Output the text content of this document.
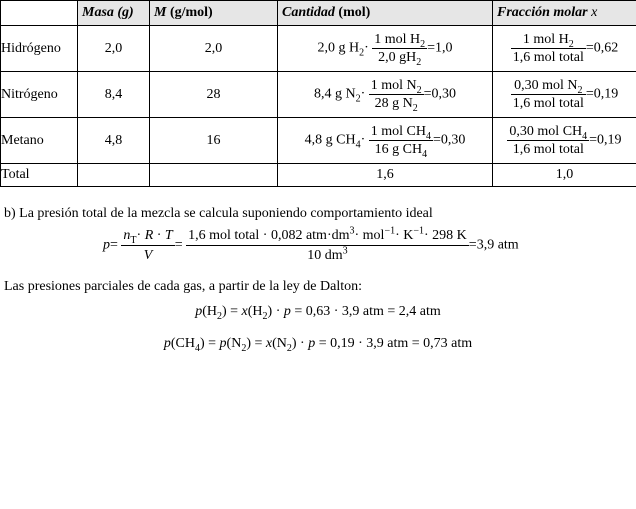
	Masa (g)	M (g/mol)	Cantidad (mol)	Fracción molar x
Hidrógeno	2,0	2,0	2,0 g $H_2\cdot \frac{1 mol H_2}{2,0 gH_2} =1,0$	$\frac{1 mol H_2}{\text{1,6 mol total}} =0,62$
Nitrógeno	8,4	28	8,4 g $N_2\cdot \frac{1 mol N_2}{28 g N_2} =0,30$	$\frac{0,30 mol N_2}{\text{1,6 mol total}} =0,19$
Metano	4,8	16	4,8 g $CH_4\cdot \frac{1 mol CH_4}{16 g CH_4} =0,30$	$\frac{0,30 mol CH_4}{\text{1,6 mol total}} =0,19$
Total			1,6	1,0
b) La presión total de la mezcla se calcula suponiendo comportamiento ideal
$p= \frac{n_T\cdot R \cdot T}{V} = \frac{1,6 mol total \cdot 0,082 atm\cdot dm^3\cdot mol^{-1}\cdot K^{-1}\cdot 298 K}{10 dm^3} =3,9$ atm
Las presiones parciales de cada gas, a partir de la ley de Dalton:
$p(H_2) = x(H_2) \cdot p = 0,63 \cdot 3,9$ atm = 2,4 atm
$p(CH_4) = p(N_2) = x(N_2) \cdot p = 0,19 \cdot 3,9$ atm = 0,73 atm
